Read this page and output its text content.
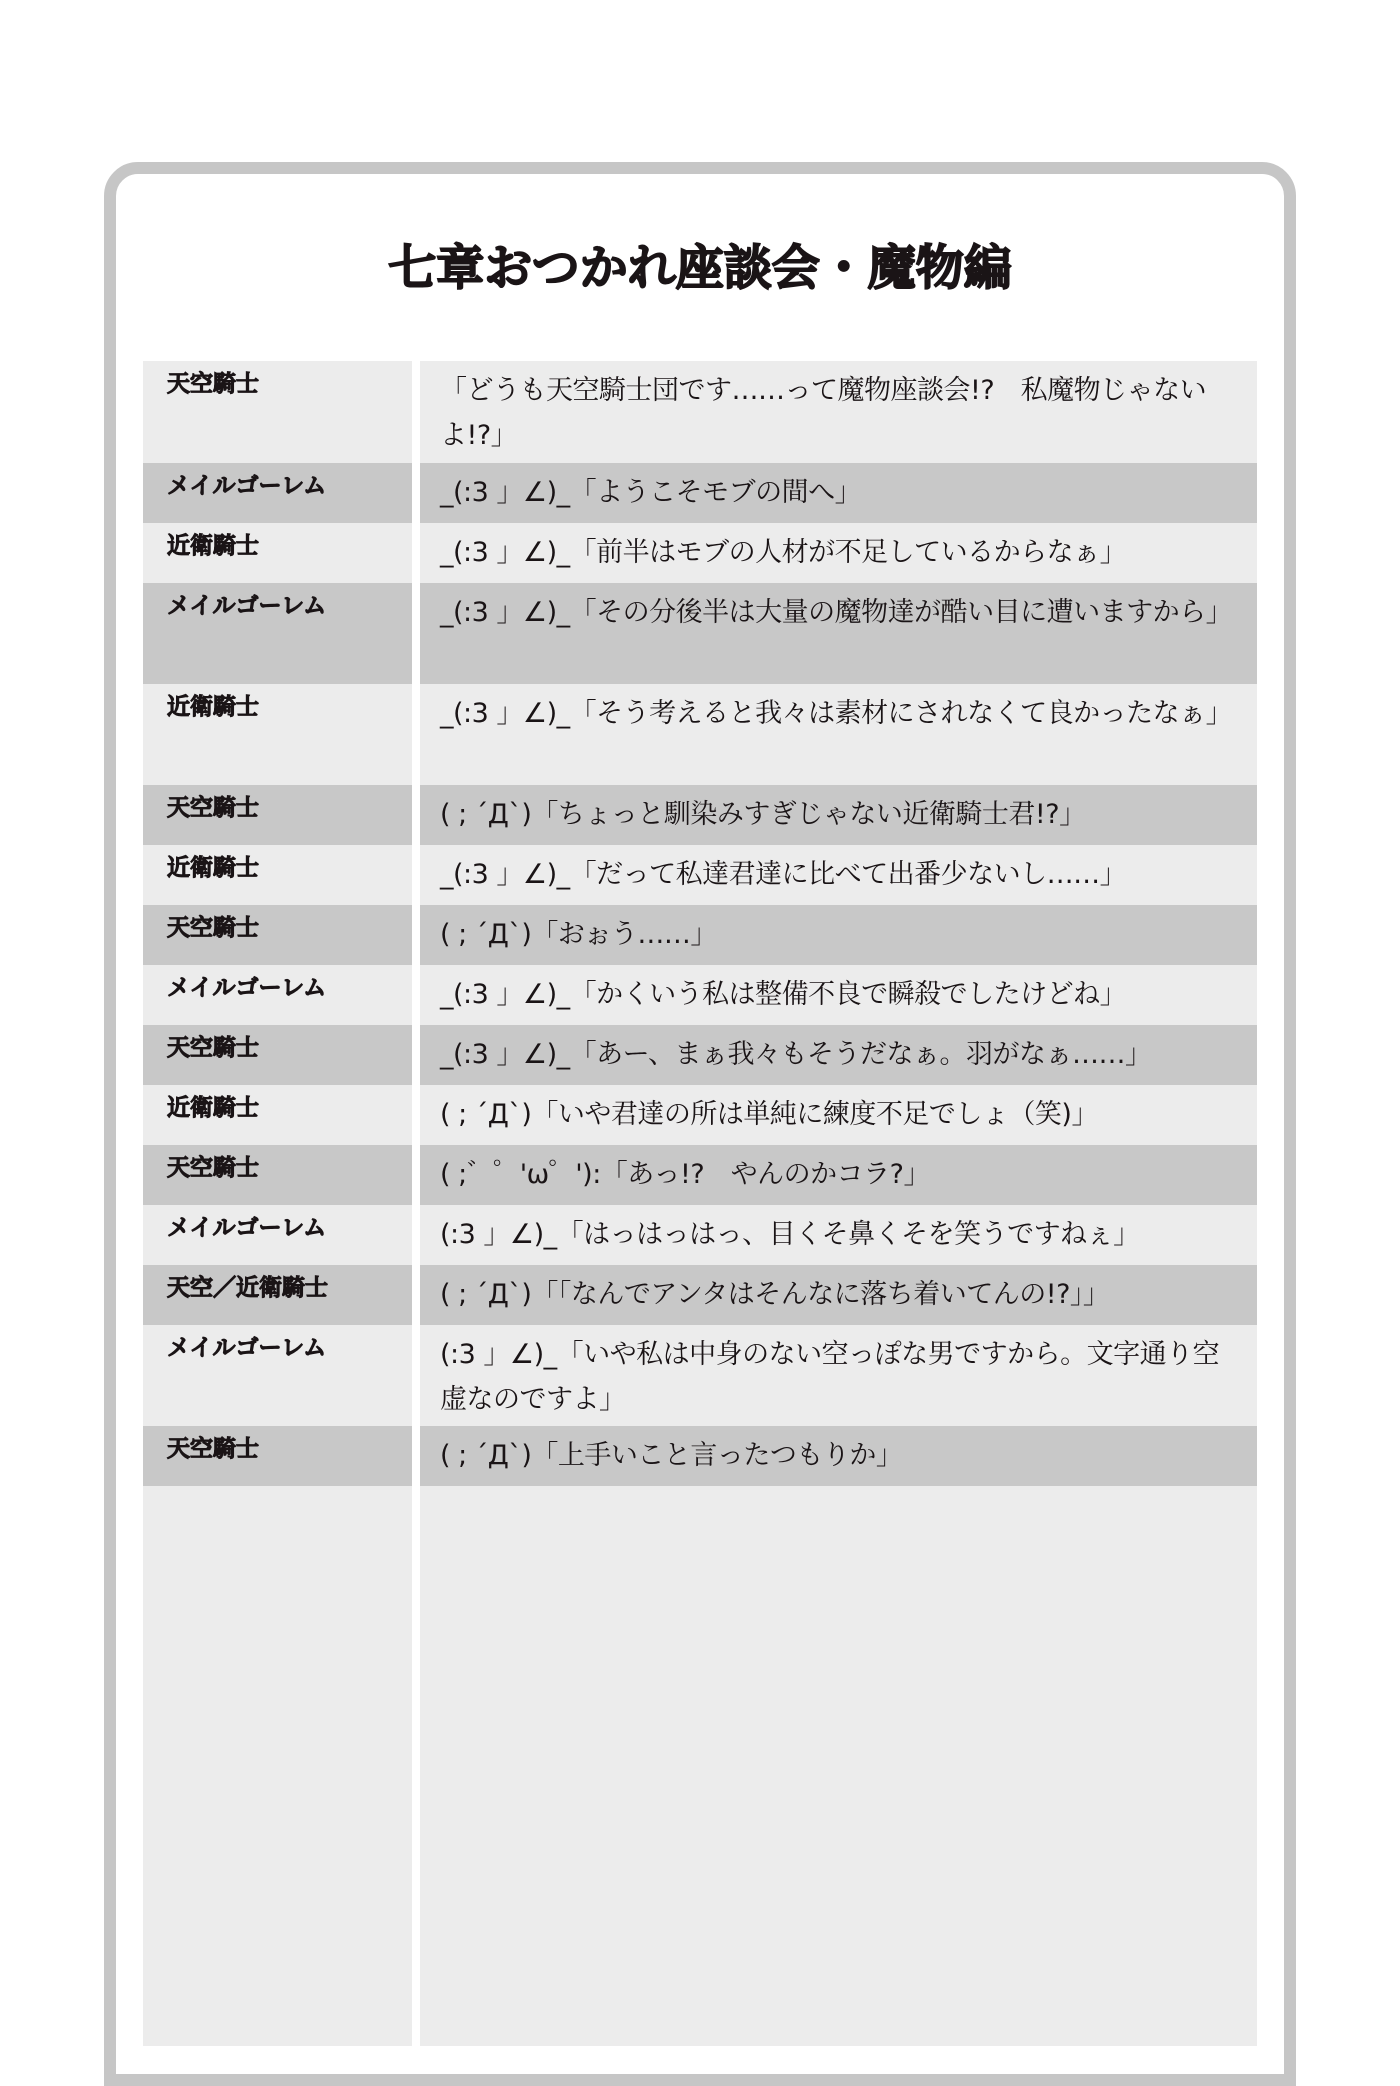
七章おつかれ座談会・魔物編
天空騎士	「どうも天空騎士団です……って魔物座談会!?　私魔物じゃないよ!?」
メイルゴーレム	_(:3 」∠)_「ようこそモブの間へ」
近衛騎士	_(:3 」∠)_「前半はモブの人材が不足しているからなぁ」
メイルゴーレム	_(:3 」∠)_「その分後半は大量の魔物達が酷い目に遭いますから」
近衛騎士	_(:3 」∠)_「そう考えると我々は素材にされなくて良かったなぁ」
天空騎士	( ; ´Д`)「ちょっと馴染みすぎじゃない近衛騎士君!?」
近衛騎士	_(:3 」∠)_「だって私達君達に比べて出番少ないし……」
天空騎士	( ; ´Д`)「おぉう……」
メイルゴーレム	_(:3 」∠)_「かくいう私は整備不良で瞬殺でしたけどね」
天空騎士	_(:3 」∠)_「あー、まぁ我々もそうだなぁ。羽がなぁ……」
近衛騎士	( ; ´Д`)「いや君達の所は単純に練度不足でしょ（笑)」
天空騎士	( ;゛゜'ω゜'):「あっ!?　やんのかコラ?」
メイルゴーレム	(:3 」∠)_「はっはっはっ、目くそ鼻くそを笑うですねぇ」
天空／近衛騎士	( ; ´Д`)「「なんでアンタはそんなに落ち着いてんの!?」」
メイルゴーレム	(:3 」∠)_「いや私は中身のない空っぽな男ですから。文字通り空虚なのですよ」
天空騎士	( ; ´Д`)「上手いこと言ったつもりか」
